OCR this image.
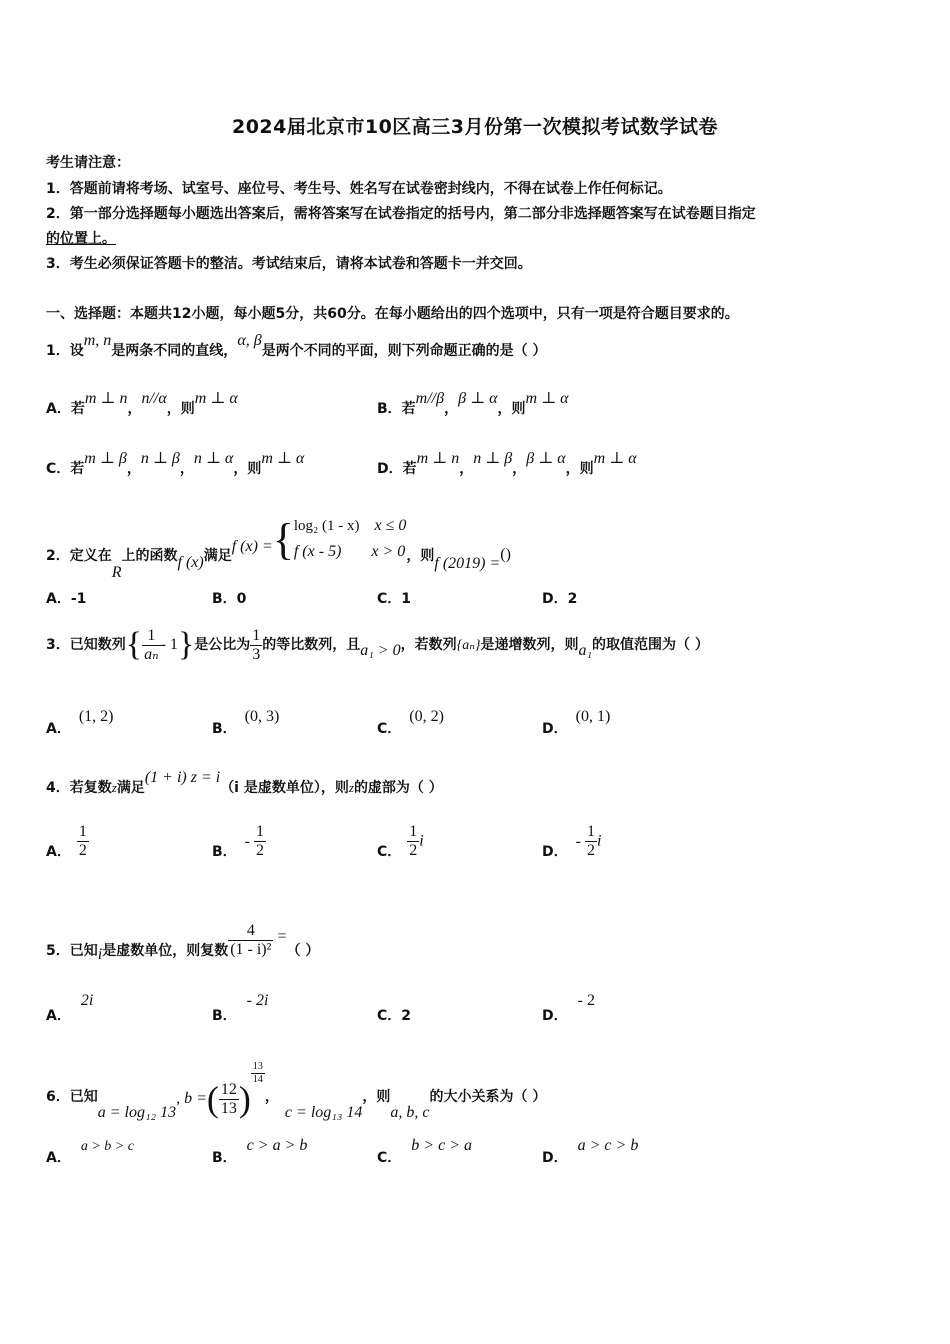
2024届北京市10区高三3月份第一次模拟考试数学试卷
考生请注意：
1．答题前请将考场、试室号、座位号、考生号、姓名写在试卷密封线内，不得在试卷上作任何标记。
2．第一部分选择题每小题选出答案后，需将答案写在试卷指定的括号内，第二部分非选择题答案写在试卷题目指定
的位置上。
3．考生必须保证答题卡的整洁。考试结束后，请将本试卷和答题卡一并交回。
一、选择题：本题共12小题，每小题5分，共60分。在每小题给出的四个选项中，只有一项是符合题目要求的。
1．设m, n是两条不同的直线，α, β是两个不同的平面，则下列命题正确的是（ ）
A．若m ⊥ n，n//α，则m ⊥ α
B．若m//β，β ⊥ α，则m ⊥ α
C．若m ⊥ β，n ⊥ β，n ⊥ α，则m ⊥ α
D．若m ⊥ n，n ⊥ β，β ⊥ α，则m ⊥ α
2．定义在R上的函数f (x)满足f (x) ={ log₂ (1 - x) x ≤ 0
f (x - 5) x > 0 ，则f (2019) =()
A．-1	B．0	C．1	D．2
3．已知数列{ $\frac{1}{\text{aₙ}} - 1$}是公比为 $\frac{1}{3}$ 的等比数列，且a₁ > 0，若数列{aₙ}是递增数列，则a₁的取值范围为（ ）
A．(1, 2)
B．(0, 3)
C．(0, 2)
D．(0, 1)
4．若复数z满足(1 + i) z = i（i 是虚数单位），则z的虚部为（ ）
A． $\frac{1}{2}$	B．- $\frac{1}{2}$	C． $\frac{1}{2}$ i
D．- $\frac{1}{2}$ i
5．已知i是虚数单位，则复数 $\frac{4}{\text{(1 - i)²}}$ =（ ）
A．2i
B．- 2i
C．2	D．- 2
6．已知a = log₁₂ 13, b =( $\frac{12}{13}$ )
$\frac{13}{14}$
，c = log₁₃ 14，则a, b, c的大小关系为（ ）
A．a > b > c
B．c > a > b
C．b > c > a
D．a > c > b
